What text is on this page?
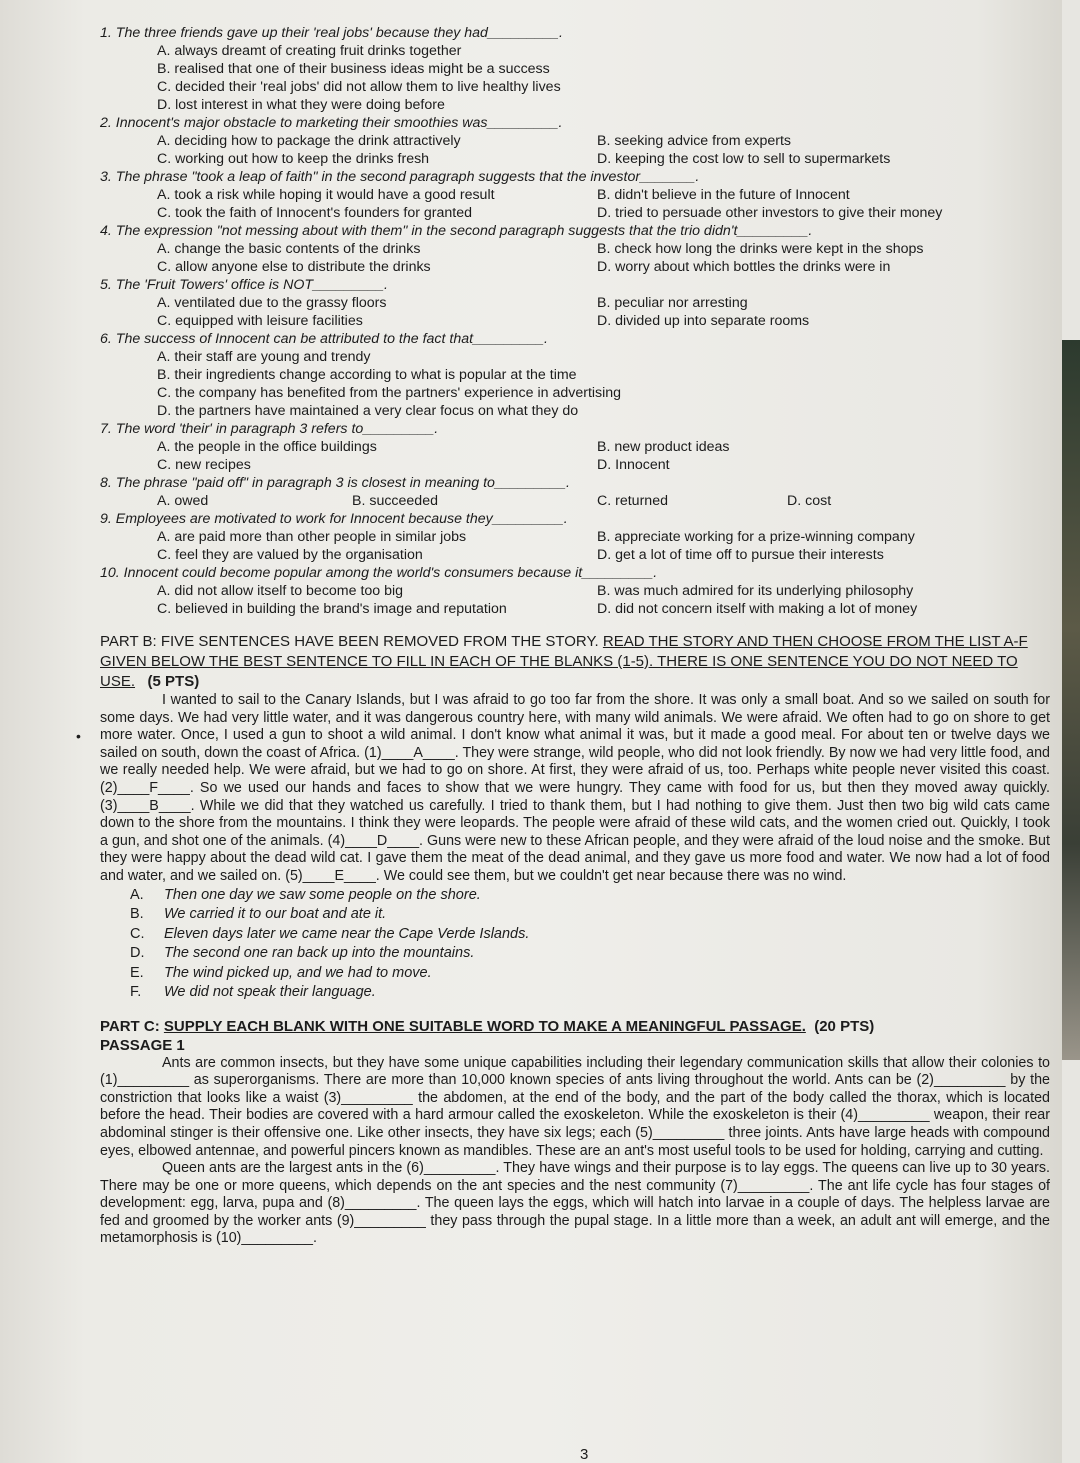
•
1. The three friends gave up their 'real jobs' because they had_________.
A. always dreamt of creating fruit drinks together
B. realised that one of their business ideas might be a success
C. decided their 'real jobs' did not allow them to live healthy lives
D. lost interest in what they were doing before
2. Innocent's major obstacle to marketing their smoothies was_________.
A. deciding how to package the drink attractively	B. seeking advice from experts
C. working out how to keep the drinks fresh	D. keeping the cost low to sell to supermarkets
3. The phrase "took a leap of faith" in the second paragraph suggests that the investor_______.
A. took a risk while hoping it would have a good result	B. didn't believe in the future of Innocent
C. took the faith of Innocent's founders for granted	D. tried to persuade other investors to give their money
4. The expression "not messing about with them" in the second paragraph suggests that the trio didn't_________.
A. change the basic contents of the drinks	B. check how long the drinks were kept in the shops
C. allow anyone else to distribute the drinks	D. worry about which bottles the drinks were in
5. The 'Fruit Towers' office is NOT_________.
A. ventilated due to the grassy floors	B. peculiar nor arresting
C. equipped with leisure facilities	D. divided up into separate rooms
6. The success of Innocent can be attributed to the fact that_________.
A. their staff are young and trendy
B. their ingredients change according to what is popular at the time
C. the company has benefited from the partners' experience in advertising
D. the partners have maintained a very clear focus on what they do
7. The word 'their' in paragraph 3 refers to_________.
A. the people in the office buildings	B. new product ideas
C. new recipes	D. Innocent
8. The phrase "paid off" in paragraph 3 is closest in meaning to_________.
A. owed	B. succeeded	C. returned	D. cost
9. Employees are motivated to work for Innocent because they_________.
A. are paid more than other people in similar jobs	B. appreciate working for a prize-winning company
C. feel they are valued by the organisation	D. get a lot of time off to pursue their interests
10. Innocent could become popular among the world's consumers because it_________.
A. did not allow itself to become too big	B. was much admired for its underlying philosophy
C. believed in building the brand's image and reputation	D. did not concern itself with making a lot of money
PART B: FIVE SENTENCES HAVE BEEN REMOVED FROM THE STORY. READ THE STORY AND THEN CHOOSE FROM THE LIST A-F GIVEN BELOW THE BEST SENTENCE TO FILL IN EACH OF THE BLANKS (1-5). THERE IS ONE SENTENCE YOU DO NOT NEED TO USE. (5 PTS)
I wanted to sail to the Canary Islands, but I was afraid to go too far from the shore. It was only a small boat. And so we sailed on south for some days. We had very little water, and it was dangerous country here, with many wild animals. We were afraid. We often had to go on shore to get more water. Once, I used a gun to shoot a wild animal. I don't know what animal it was, but it made a good meal. For about ten or twelve days we sailed on south, down the coast of Africa. (1)____A____. They were strange, wild people, who did not look friendly. By now we had very little food, and we really needed help. We were afraid, but we had to go on shore. At first, they were afraid of us, too. Perhaps white people never visited this coast. (2)____F____. So we used our hands and faces to show that we were hungry. They came with food for us, but then they moved away quickly. (3)____B____. While we did that they watched us carefully. I tried to thank them, but I had nothing to give them. Just then two big wild cats came down to the shore from the mountains. I think they were leopards. The people were afraid of these wild cats, and the women cried out. Quickly, I took a gun, and shot one of the animals. (4)____D____. Guns were new to these African people, and they were afraid of the loud noise and the smoke. But they were happy about the dead wild cat. I gave them the meat of the dead animal, and they gave us more food and water. We now had a lot of food and water, and we sailed on. (5)____E____. We could see them, but we couldn't get near because there was no wind.
A. Then one day we saw some people on the shore.
B. We carried it to our boat and ate it.
C. Eleven days later we came near the Cape Verde Islands.
D. The second one ran back up into the mountains.
E. The wind picked up, and we had to move.
F. We did not speak their language.
PART C: SUPPLY EACH BLANK WITH ONE SUITABLE WORD TO MAKE A MEANINGFUL PASSAGE. (20 PTS)
PASSAGE 1
Ants are common insects, but they have some unique capabilities including their legendary communication skills that allow their colonies to (1)_________ as superorganisms. There are more than 10,000 known species of ants living throughout the world. Ants can be (2)_________ by the constriction that looks like a waist (3)_________ the abdomen, at the end of the body, and the part of the body called the thorax, which is located before the head. Their bodies are covered with a hard armour called the exoskeleton. While the exoskeleton is their (4)_________ weapon, their rear abdominal stinger is their offensive one. Like other insects, they have six legs; each (5)_________ three joints. Ants have large heads with compound eyes, elbowed antennae, and powerful pincers known as mandibles. These are an ant's most useful tools to be used for holding, carrying and cutting.
Queen ants are the largest ants in the (6)_________. They have wings and their purpose is to lay eggs. The queens can live up to 30 years. There may be one or more queens, which depends on the ant species and the nest community (7)_________. The ant life cycle has four stages of development: egg, larva, pupa and (8)_________. The queen lays the eggs, which will hatch into larvae in a couple of days. The helpless larvae are fed and groomed by the worker ants (9)_________ they pass through the pupal stage. In a little more than a week, an adult ant will emerge, and the metamorphosis is (10)_________.
3
